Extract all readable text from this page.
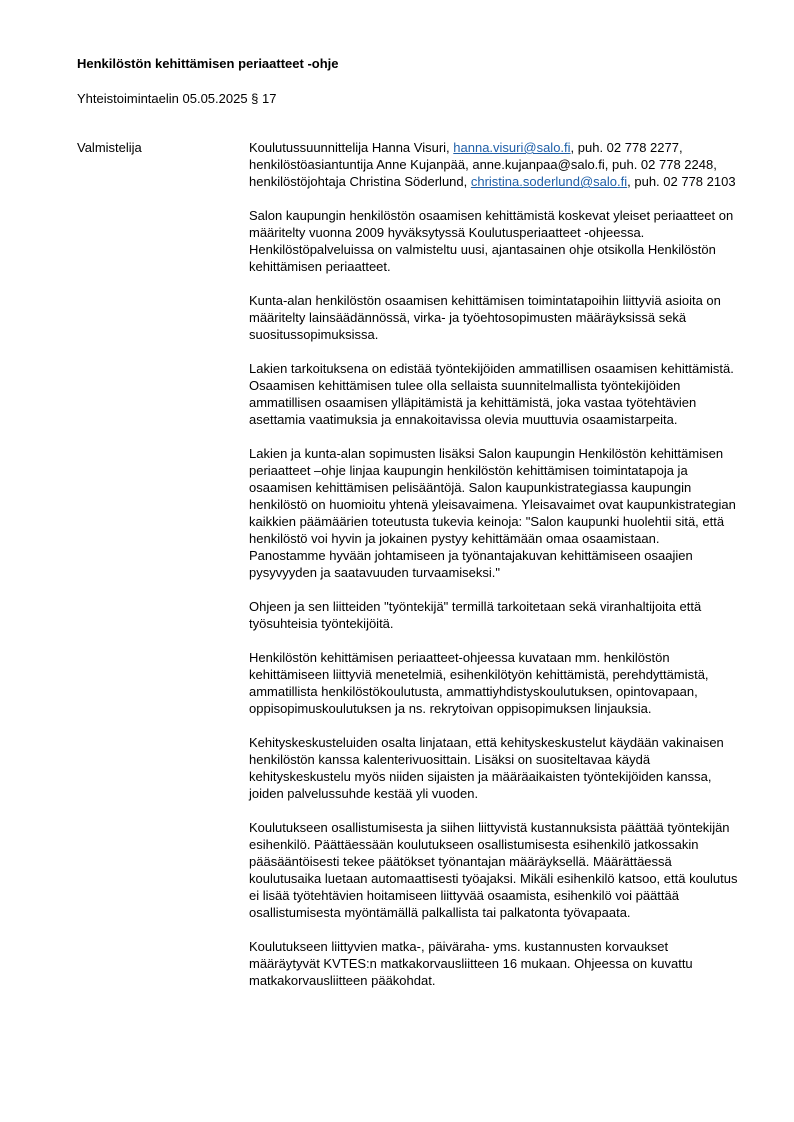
Henkilöstön kehittämisen periaatteet -ohje
Yhteistoimintaelin 05.05.2025 § 17
Valmistelija	Koulutussuunnittelija Hanna Visuri, hanna.visuri@salo.fi, puh. 02 778 2277, henkilöstöasiantuntija Anne Kujanpää, anne.kujanpaa@salo.fi, puh. 02 778 2248, henkilöstöjohtaja Christina Söderlund, christina.soderlund@salo.fi, puh. 02 778 2103

Salon kaupungin henkilöstön osaamisen kehittämistä koskevat yleiset periaatteet on määritelty vuonna 2009 hyväksytyssä Koulutusperiaatteet -ohjeessa. Henkilöstöpalveluissa on valmisteltu uusi, ajantasainen ohje otsikolla Henkilöstön kehittämisen periaatteet.

Kunta-alan henkilöstön osaamisen kehittämisen toimintatapoihin liittyviä asioita on määritelty lainsäädännössä, virka- ja työehtosopimusten määräyksissä sekä suositussopimuksissa.

Lakien tarkoituksena on edistää työntekijöiden ammatillisen osaamisen kehittämistä. Osaamisen kehittämisen tulee olla sellaista suunnitelmallista työntekijöiden ammatillisen osaamisen ylläpitämistä ja kehittämistä, joka vastaa työtehtävien asettamia vaatimuksia ja ennakoitavissa olevia muuttuvia osaamistarpeita.

Lakien ja kunta-alan sopimusten lisäksi Salon kaupungin Henkilöstön kehittämisen periaatteet –ohje linjaa kaupungin henkilöstön kehittämisen toimintatapoja ja osaamisen kehittämisen pelisääntöjä. Salon kaupunkistrategiassa kaupungin henkilöstö on huomioitu yhtenä yleisavaimena. Yleisavaimet ovat kaupunkistrategian kaikkien päämäärien toteutusta tukevia keinoja: "Salon kaupunki huolehtii sitä, että henkilöstö voi hyvin ja jokainen pystyy kehittämään omaa osaamistaan. Panostamme hyvään johtamiseen ja työnantajakuvan kehittämiseen osaajien pysyvyyden ja saatavuuden turvaamiseksi."

Ohjeen ja sen liitteiden "työntekijä" termillä tarkoitetaan sekä viranhaltijoita että työsuhteisia työntekijöitä.

Henkilöstön kehittämisen periaatteet-ohjeessa kuvataan mm. henkilöstön kehittämiseen liittyviä menetelmiä, esihenkilötyön kehittämistä, perehdyttämistä, ammatillista henkilöstökoulutusta, ammattiyhdistyskoulutuksen, opintovapaan, oppisopimuskoulutuksen ja ns. rekrytoivan oppisopimuksen linjauksia.

Kehityskeskusteluiden osalta linjataan, että kehityskeskustelut käydään vakinaisen henkilöstön kanssa kalenterivuosittain. Lisäksi on suositeltavaa käydä kehityskeskustelu myös niiden sijaisten ja määräaikaisten työntekijöiden kanssa, joiden palvelussuhde kestää yli vuoden.

Koulutukseen osallistumisesta ja siihen liittyvistä kustannuksista päättää työntekijän esihenkilö. Päättäessään koulutukseen osallistumisesta esihenkilö jatkossakin pääsääntöisesti tekee päätökset työnantajan määräyksellä. Määrättäessä koulutusaika luetaan automaattisesti työajaksi. Mikäli esihenkilö katsoo, että koulutus ei lisää työtehtävien hoitamiseen liittyvää osaamista, esihenkilö voi päättää osallistumisesta myöntämällä palkallista tai palkatonta työvapaata.

Koulutukseen liittyvien matka-, päiväraha- yms. kustannusten korvaukset määräytyvät KVTES:n matkakorvausliitteen 16 mukaan. Ohjeessa on kuvattu matkakorvausliitteen pääkohdat.
